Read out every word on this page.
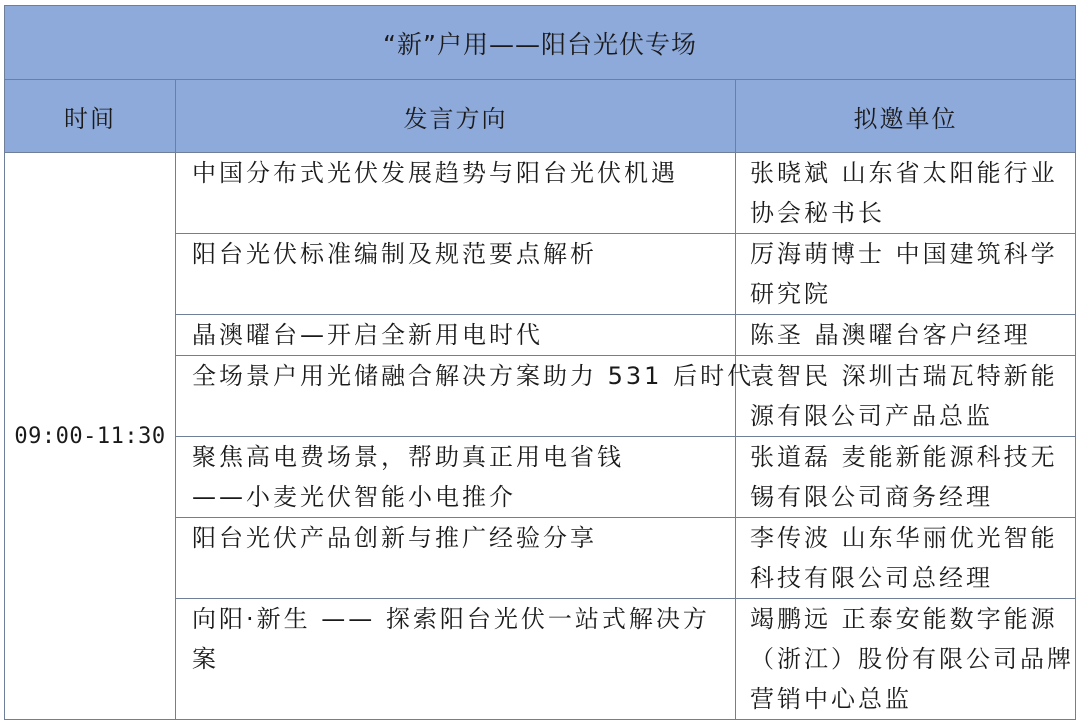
“新”户用——阳台光伏专场		
时间	发言方向	拟邀单位
09:00-11:30	中国分布式光伏发展趋势与阳台光伏机遇	张晓斌 山东省太阳能行业
协会秘书长

	阳台光伏标准编制及规范要点解析	厉海萌博士 中国建筑科学
研究院

	晶澳曜台—开启全新用电时代	陈圣 晶澳曜台客户经理

	全场景户用光储融合解决方案助力 531 后时代	袁智民 深圳古瑞瓦特新能
源有限公司产品总监

	聚焦高电费场景，帮助真正用电省钱
——小麦光伏智能小电推介	张道磊 麦能新能源科技无
锡有限公司商务经理

	阳台光伏产品创新与推广经验分享	李传波 山东华丽优光智能
科技有限公司总经理

	向阳·新生 —— 探索阳台光伏一站式解决方
案	竭鹏远 正泰安能数字能源
（浙江）股份有限公司品牌
营销中心总监
